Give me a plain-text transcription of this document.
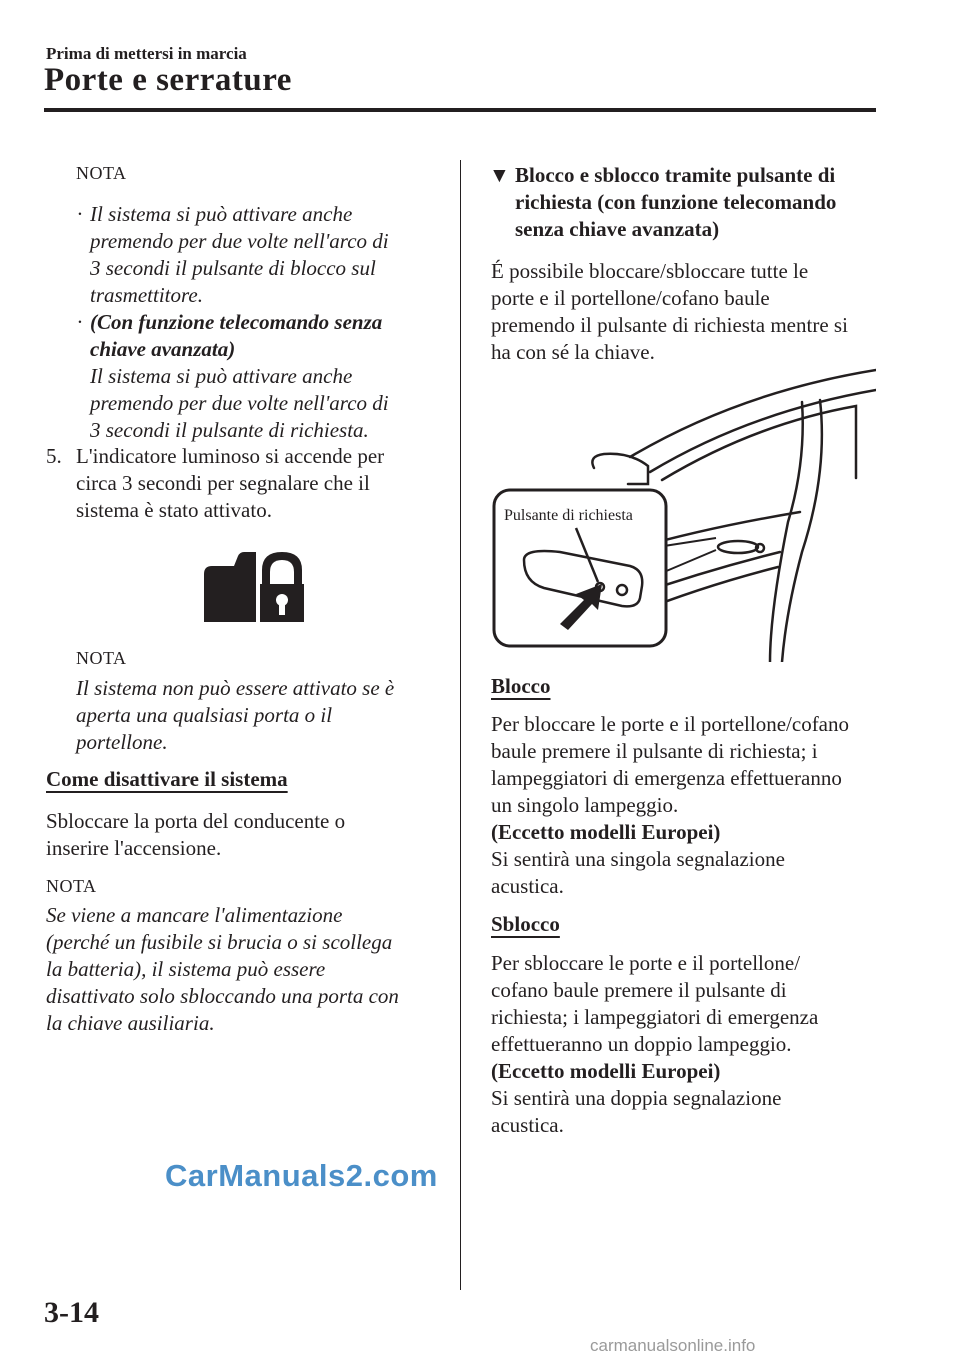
Prima di mettersi in marcia
Porte e serrature
NOTA
· Il sistema si può attivare anche
premendo per due volte nell'arco di
3 secondi il pulsante di blocco sul
trasmettitore.
· (Con funzione telecomando senza
chiave avanzata)
Il sistema si può attivare anche
premendo per due volte nell'arco di
3 secondi il pulsante di richiesta.
5. L'indicatore luminoso si accende per
circa 3 secondi per segnalare che il
sistema è stato attivato.
NOTA
Il sistema non può essere attivato se è
aperta una qualsiasi porta o il
portellone.
Come disattivare il sistema
Sbloccare la porta del conducente o
inserire l'accensione.
NOTA
Se viene a mancare l'alimentazione
(perché un fusibile si brucia o si scollega
la batteria), il sistema può essere
disattivato solo sbloccando una porta con
la chiave ausiliaria.
▼ Blocco e sblocco tramite pulsante di
richiesta (con funzione telecomando
senza chiave avanzata)
É possibile bloccare/sbloccare tutte le
porte e il portellone/cofano baule
premendo il pulsante di richiesta mentre si
ha con sé la chiave.
Pulsante di richiesta
Blocco
Per bloccare le porte e il portellone/cofano
baule premere il pulsante di richiesta; i
lampeggiatori di emergenza effettueranno
un singolo lampeggio.
(Eccetto modelli Europei)
Si sentirà una singola segnalazione
acustica.
Sblocco
Per sbloccare le porte e il portellone/
cofano baule premere il pulsante di
richiesta; i lampeggiatori di emergenza
effettueranno un doppio lampeggio.
(Eccetto modelli Europei)
Si sentirà una doppia segnalazione
acustica.
CarManuals2.com
3-14
carmanualsonline.info
